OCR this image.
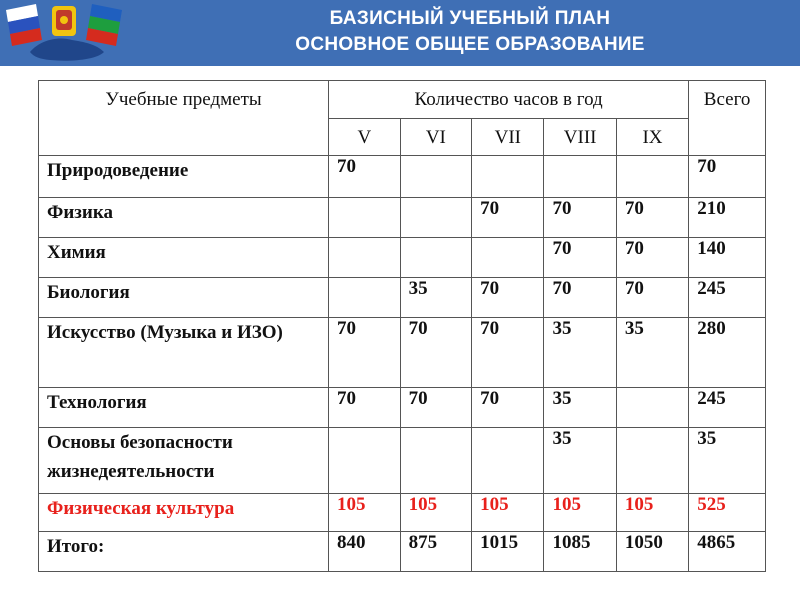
БАЗИСНЫЙ УЧЕБНЫЙ ПЛАН
ОСНОВНОЕ ОБЩЕЕ ОБРАЗОВАНИЕ
Учебные предметы	Количество часов в год					Всего
	V	VI	VII	VIII	IX	
Природоведение	70					70
Физика			70	70	70	210
Химия				70	70	140
Биология		35	70	70	70	245
Искусство (Музыка и ИЗО)	70	70	70	35	35	280
Технология	70	70	70	35		245
Основы безопасности жизнедеятельности				35		35
Физическая культура	105	105	105	105	105	525
Итого:	840	875	1015	1085	1050	4865
